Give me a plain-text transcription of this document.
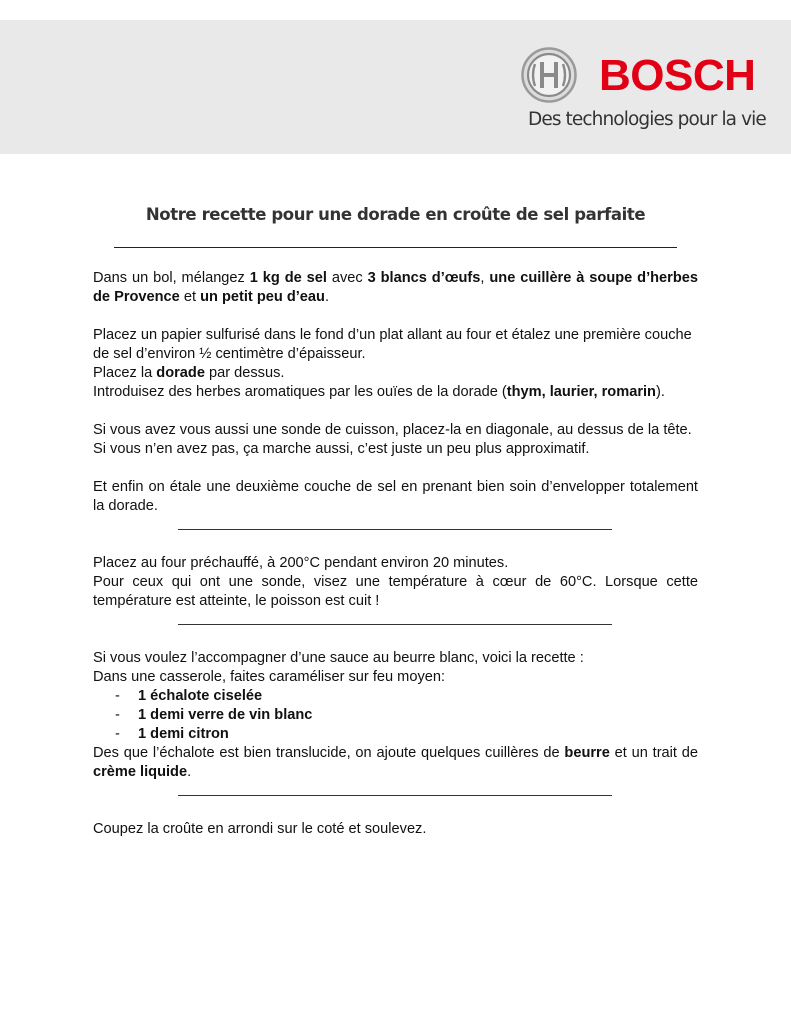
BOSCH
Des technologies pour la vie
Notre recette pour une dorade en croûte de sel parfaite

Dans un bol, mélangez 1 kg de sel avec 3 blancs d’œufs, une cuillère à soupe d’herbes de Provence et un petit peu d’eau.

Placez un papier sulfurisé dans le fond d’un plat allant au four et étalez une première couche de sel d’environ ½ centimètre d’épaisseur.

Placez la dorade par dessus.

Introduisez des herbes aromatiques par les ouïes de la dorade (thym, laurier, romarin).

Si vous avez vous aussi une sonde de cuisson, placez-la en diagonale, au dessus de la tête.

Si vous n’en avez pas, ça marche aussi, c’est juste un peu plus approximatif.

Et enfin on étale une deuxième couche de sel en prenant bien soin d’envelopper totalement la dorade.

Placez au four préchauffé, à 200°C pendant environ 20 minutes.

Pour ceux qui ont une sonde, visez une température à cœur de 60°C. Lorsque cette température est atteinte, le poisson est cuit !

Si vous voulez l’accompagner d’une sauce au beurre blanc, voici la recette :

Dans une casserole, faites caraméliser sur feu moyen:

- 1 échalote ciselée
- 1 demi verre de vin blanc
- 1 demi citron

Des que l’échalote est bien translucide, on ajoute quelques cuillères de beurre et un trait de crème liquide.

Coupez la croûte en arrondi sur le coté et soulevez.
